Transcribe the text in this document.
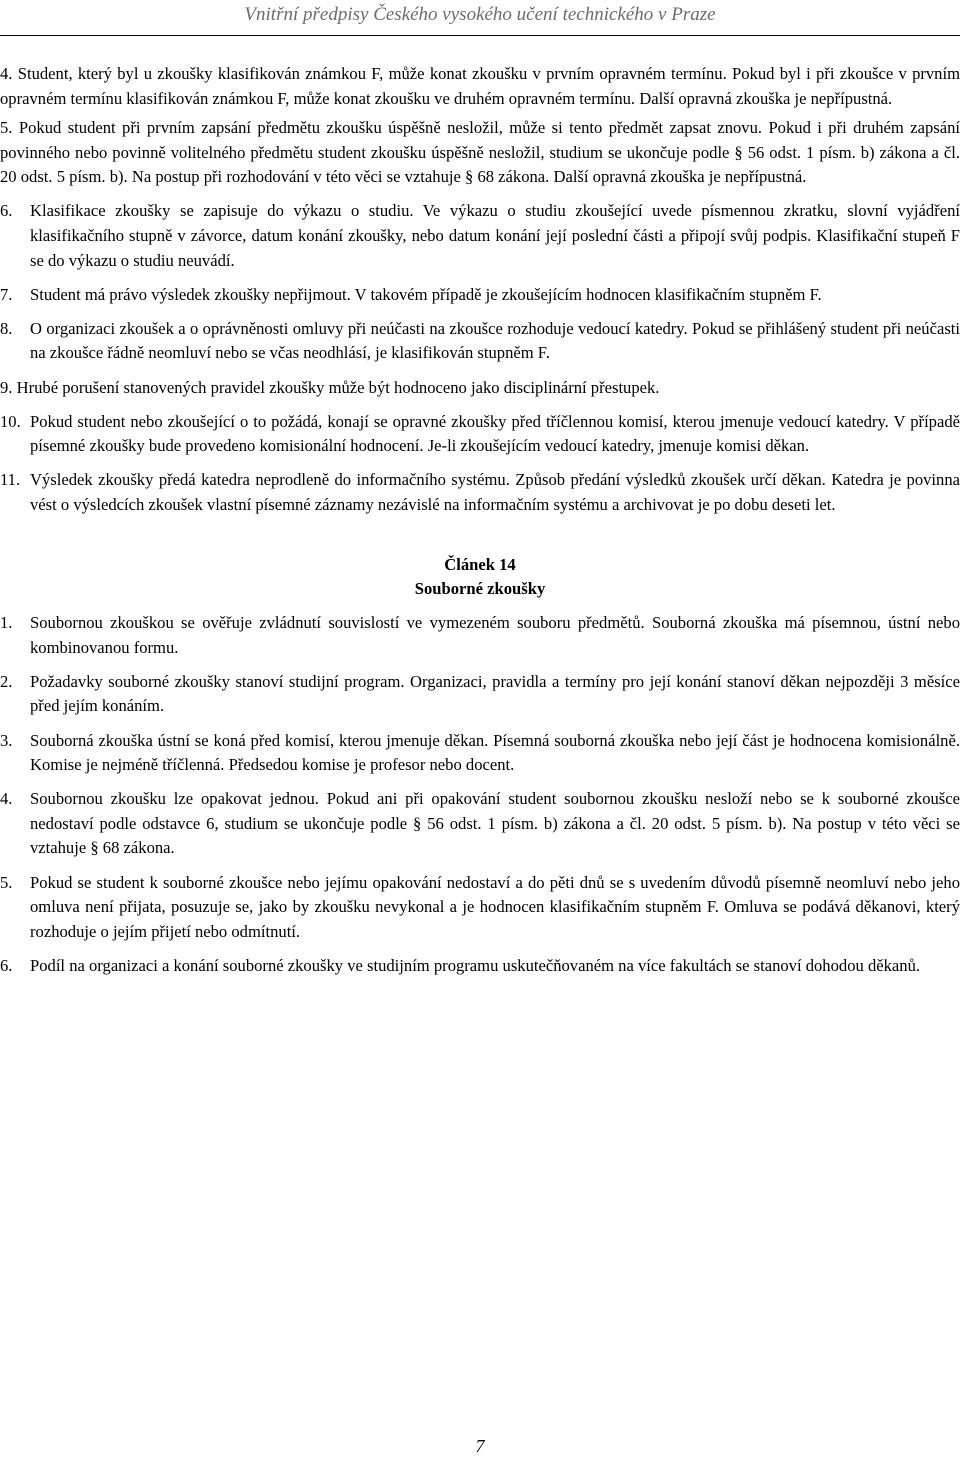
Vnitřní předpisy Českého vysokého učení technického v Praze

4. Student, který byl u zkoušky klasifikován známkou F, může konat zkoušku v prvním opravném termínu. Pokud byl i při zkoušce v prvním opravném termínu klasifikován známkou F, může konat zkoušku ve druhém opravném termínu. Další opravná zkouška je nepřípustná.

5. Pokud student při prvním zapsání předmětu zkoušku úspěšně nesložil, může si tento předmět zapsat znovu. Pokud i při druhém zapsání povinného nebo povinně volitelného předmětu student zkoušku úspěšně nesložil, studium se ukončuje podle § 56 odst. 1 písm. b) zákona a čl. 20 odst. 5 písm. b). Na postup při rozhodování v této věci se vztahuje § 68 zákona. Další opravná zkouška je nepřípustná.

6. Klasifikace zkoušky se zapisuje do výkazu o studiu. Ve výkazu o studiu zkoušející uvede písmennou zkratku, slovní vyjádření klasifikačního stupně v závorce, datum konání zkoušky, nebo datum konání její poslední části a připojí svůj podpis. Klasifikační stupeň F se do výkazu o studiu neuvádí.

7. Student má právo výsledek zkoušky nepřijmout. V takovém případě je zkoušejícím hodnocen klasifikačním stupněm F.

8. O organizaci zkoušek a o oprávněnosti omluvy při neúčasti na zkoušce rozhoduje vedoucí katedry. Pokud se přihlášený student při neúčasti na zkoušce řádně neomluví nebo se včas neodhlásí, je klasifikován stupněm F.

9. Hrubé porušení stanovených pravidel zkoušky může být hodnoceno jako disciplinární přestupek.

10. Pokud student nebo zkoušející o to požádá, konají se opravné zkoušky před tříčlennou komisí, kterou jmenuje vedoucí katedry. V případě písemné zkoušky bude provedeno komisionální hodnocení. Je-li zkoušejícím vedoucí katedry, jmenuje komisi děkan.

11. Výsledek zkoušky předá katedra neprodleně do informačního systému. Způsob předání výsledků zkoušek určí děkan. Katedra je povinna vést o výsledcích zkoušek vlastní písemné záznamy nezávislé na informačním systému a archivovat je po dobu deseti let.

Článek 14

Souborné zkoušky

1. Soubornou zkouškou se ověřuje zvládnutí souvislostí ve vymezeném souboru předmětů. Souborná zkouška má písemnou, ústní nebo kombinovanou formu.

2. Požadavky souborné zkoušky stanoví studijní program. Organizaci, pravidla a termíny pro její konání stanoví děkan nejpozději 3 měsíce před jejím konáním.

3. Souborná zkouška ústní se koná před komisí, kterou jmenuje děkan. Písemná souborná zkouška nebo její část je hodnocena komisionálně. Komise je nejméně tříčlenná. Předsedou komise je profesor nebo docent.

4. Soubornou zkoušku lze opakovat jednou. Pokud ani při opakování student soubornou zkoušku nesloží nebo se k souborné zkoušce nedostaví podle odstavce 6, studium se ukončuje podle § 56 odst. 1 písm. b) zákona a čl. 20 odst. 5 písm. b). Na postup v této věci se vztahuje § 68 zákona.

5. Pokud se student k souborné zkoušce nebo jejímu opakování nedostaví a do pěti dnů se s uvedením důvodů písemně neomluví nebo jeho omluva není přijata, posuzuje se, jako by zkoušku nevykonal a je hodnocen klasifikačním stupněm F. Omluva se podává děkanovi, který rozhoduje o jejím přijetí nebo odmítnutí.

6. Podíl na organizaci a konání souborné zkoušky ve studijním programu uskutečňovaném na více fakultách se stanoví dohodou děkanů.

7
